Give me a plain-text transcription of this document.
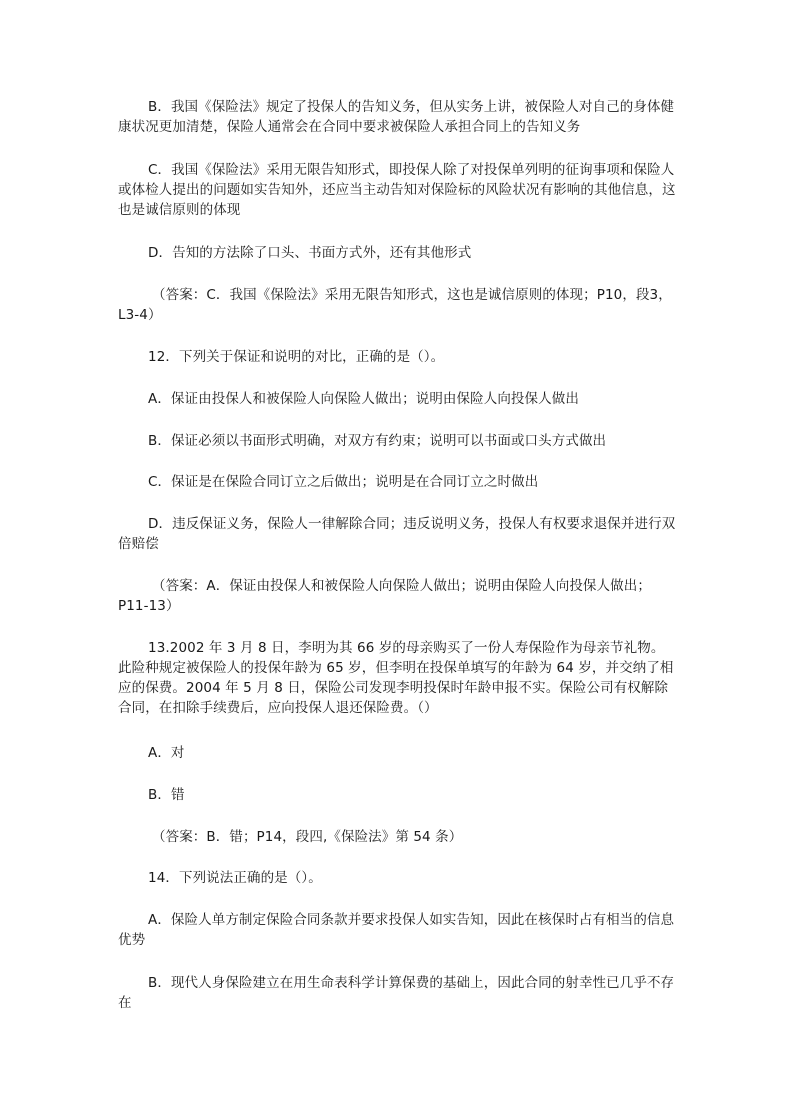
B．我国《保险法》规定了投保人的告知义务，但从实务上讲，被保险人对自己的身体健康状况更加清楚，保险人通常会在合同中要求被保险人承担合同上的告知义务

C．我国《保险法》采用无限告知形式，即投保人除了对投保单列明的征询事项和保险人或体检人提出的问题如实告知外，还应当主动告知对保险标的风险状况有影响的其他信息，这也是诚信原则的体现

D．告知的方法除了口头、书面方式外，还有其他形式

（答案：C．我国《保险法》采用无限告知形式，这也是诚信原则的体现；P10，段3，L3-4）

12．下列关于保证和说明的对比，正确的是（）。

A．保证由投保人和被保险人向保险人做出；说明由保险人向投保人做出

B．保证必须以书面形式明确，对双方有约束；说明可以书面或口头方式做出

C．保证是在保险合同订立之后做出；说明是在合同订立之时做出

D．违反保证义务，保险人一律解除合同；违反说明义务，投保人有权要求退保并进行双倍赔偿

（答案：A．保证由投保人和被保险人向保险人做出；说明由保险人向投保人做出；P11-13）

13.2002 年 3 月 8 日，李明为其 66 岁的母亲购买了一份人寿保险作为母亲节礼物。此险种规定被保险人的投保年龄为 65 岁，但李明在投保单填写的年龄为 64 岁，并交纳了相应的保费。2004 年 5 月 8 日，保险公司发现李明投保时年龄申报不实。保险公司有权解除合同，在扣除手续费后，应向投保人退还保险费。（）

A．对

B．错

（答案：B．错；P14，段四,《保险法》第 54 条）

14．下列说法正确的是（）。

A．保险人单方制定保险合同条款并要求投保人如实告知，因此在核保时占有相当的信息优势

B．现代人身保险建立在用生命表科学计算保费的基础上，因此合同的射幸性已几乎不存在
